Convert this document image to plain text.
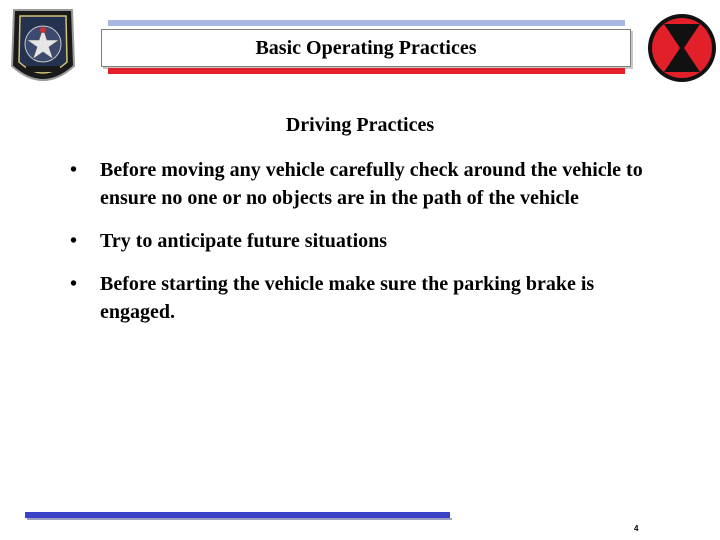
Basic Operating Practices
Driving Practices
• Before moving any vehicle carefully check around the vehicle to ensure no one or no objects are in the path of the vehicle
• Try to anticipate future situations
• Before starting the vehicle make sure the parking brake is engaged.
4
